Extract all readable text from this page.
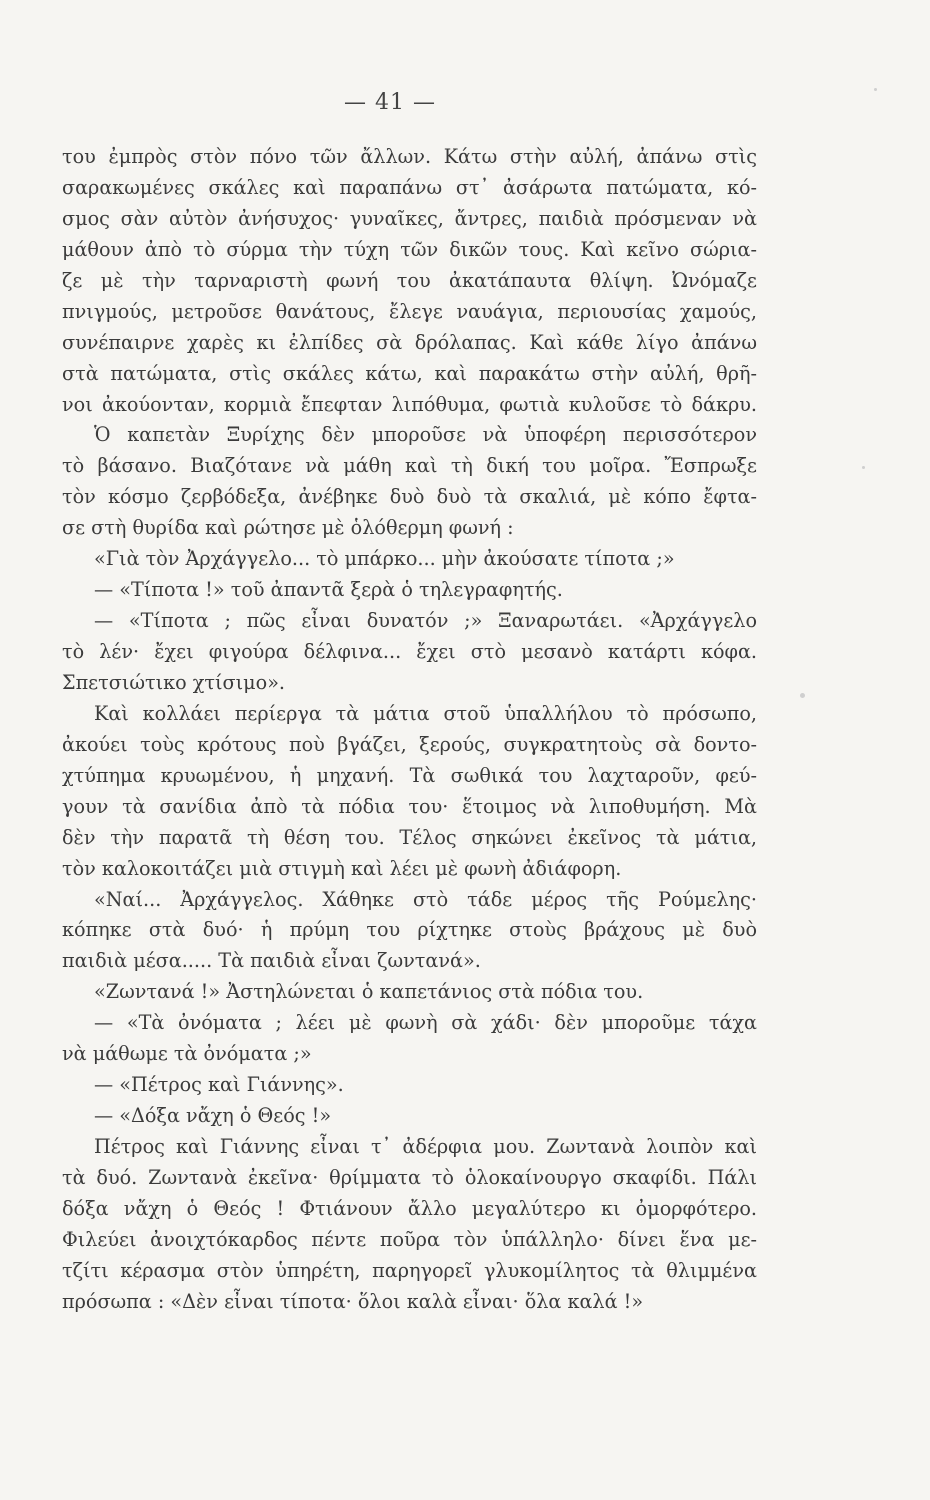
— 41 —
του ἐμπρὸς στὸν πόνο τῶν ἄλλων. Κάτω στὴν αὐλή, ἀπάνω στὶς
σαρακωμένες σκάλες καὶ παραπάνω στ᾿ ἀσάρωτα πατώματα, κό-
σμος σὰν αὐτὸν ἀνήσυχος· γυναῖκες, ἄντρες, παιδιὰ πρόσμεναν νὰ
μάθουν ἀπὸ τὸ σύρμα τὴν τύχη τῶν δικῶν τους. Καὶ κεῖνο σώρια-
ζε μὲ τὴν ταρναριστὴ φωνή του ἀκατάπαυτα θλίψη. Ὠνόμαζε
πνιγμούς, μετροῦσε θανάτους, ἔλεγε ναυάγια, περιουσίας χαμούς,
συνέπαιρνε χαρὲς κι ἐλπίδες σὰ δρόλαπας. Καὶ κάθε λίγο ἀπάνω
στὰ πατώματα, στὶς σκάλες κάτω, καὶ παρακάτω στὴν αὐλή, θρῆ-
νοι ἀκούονταν, κορμιὰ ἔπεφταν λιπόθυμα, φωτιὰ κυλοῦσε τὸ δάκρυ.
Ὁ καπετὰν Ξυρίχης δὲν μποροῦσε νὰ ὑποφέρη περισσότερον
τὸ βάσανο. Βιαζότανε νὰ μάθη καὶ τὴ δική του μοῖρα. Ἔσπρωξε
τὸν κόσμο ζερβόδεξα, ἀνέβηκε δυὸ δυὸ τὰ σκαλιά, μὲ κόπο ἔφτα-
σε στὴ θυρίδα καὶ ρώτησε μὲ ὁλόθερμη φωνή :
«Γιὰ τὸν Ἀρχάγγελο... τὸ μπάρκο... μὴν ἀκούσατε τίποτα ;»
— «Τίποτα !» τοῦ ἀπαντᾶ ξερὰ ὁ τηλεγραφητής.
— «Τίποτα ; πῶς εἶναι δυνατόν ;» Ξαναρωτάει. «Ἀρχάγγελο
τὸ λέν· ἔχει φιγούρα δέλφινα... ἔχει στὸ μεσανὸ κατάρτι κόφα.
Σπετσιώτικο χτίσιμο».
Καὶ κολλάει περίεργα τὰ μάτια στοῦ ὑπαλλήλου τὸ πρόσωπο,
ἀκούει τοὺς κρότους ποὺ βγάζει, ξερούς, συγκρατητοὺς σὰ δοντο-
χτύπημα κρυωμένου, ἡ μηχανή. Τὰ σωθικά του λαχταροῦν, φεύ-
γουν τὰ σανίδια ἀπὸ τὰ πόδια του· ἕτοιμος νὰ λιποθυμήση. Μὰ
δὲν τὴν παρατᾶ τὴ θέση του. Τέλος σηκώνει ἐκεῖνος τὰ μάτια,
τὸν καλοκοιτάζει μιὰ στιγμὴ καὶ λέει μὲ φωνὴ ἀδιάφορη.
«Ναί... Ἀρχάγγελος. Χάθηκε στὸ τάδε μέρος τῆς Ρούμελης·
κόπηκε στὰ δυό· ἡ πρύμη του ρίχτηκε στοὺς βράχους μὲ δυὸ
παιδιὰ μέσα..... Τὰ παιδιὰ εἶναι ζωντανά».
«Ζωντανά !» Ἀστηλώνεται ὁ καπετάνιος στὰ πόδια του.
— «Τὰ ὀνόματα ; λέει μὲ φωνὴ σὰ χάδι· δὲν μποροῦμε τάχα
νὰ μάθωμε τὰ ὀνόματα ;»
— «Πέτρος καὶ Γιάννης».
— «Δόξα νἄχη ὁ Θεός !»
Πέτρος καὶ Γιάννης εἶναι τ᾿ ἀδέρφια μου. Ζωντανὰ λοιπὸν καὶ
τὰ δυό. Ζωντανὰ ἐκεῖνα· θρίμματα τὸ ὁλοκαίνουργο σκαφίδι. Πάλι
δόξα νἄχη ὁ Θεός ! Φτιάνουν ἄλλο μεγαλύτερο κι ὀμορφότερο.
Φιλεύει ἀνοιχτόκαρδος πέντε ποῦρα τὸν ὑπάλληλο· δίνει ἕνα με-
τζίτι κέρασμα στὸν ὑπηρέτη, παρηγορεῖ γλυκομίλητος τὰ θλιμμένα
πρόσωπα : «Δὲν εἶναι τίποτα· ὅλοι καλὰ εἶναι· ὅλα καλά !»
